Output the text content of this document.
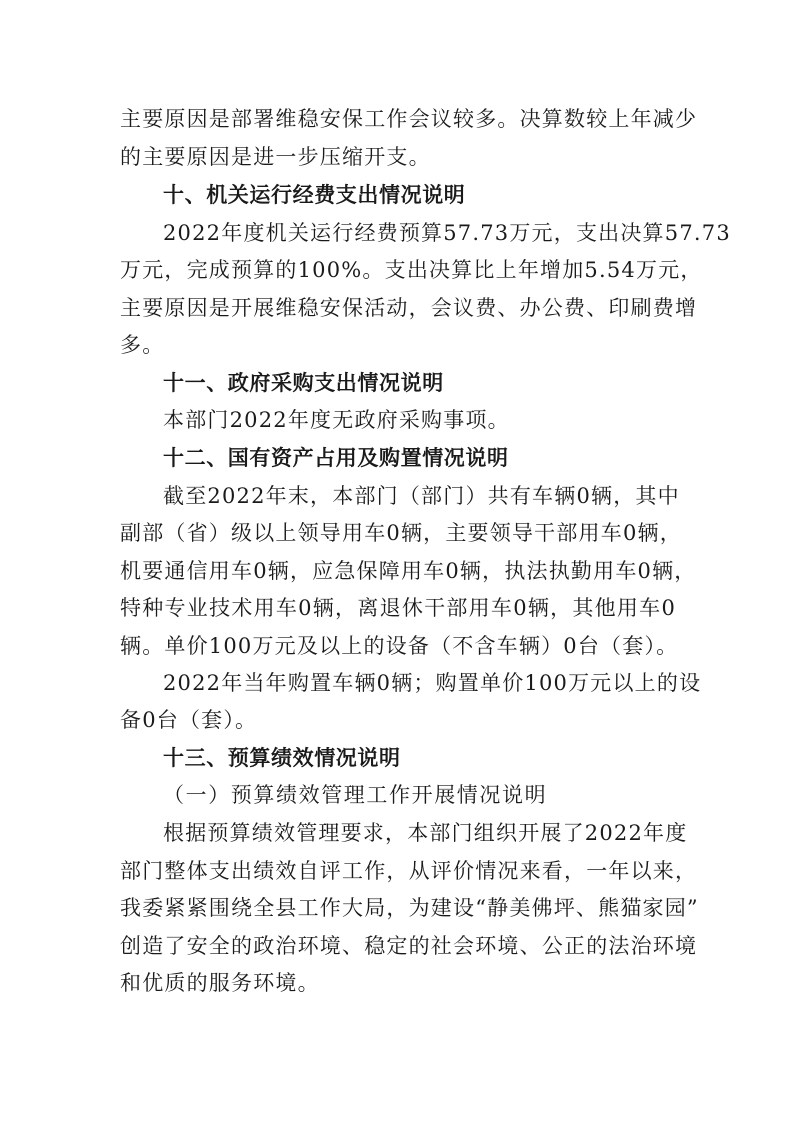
主要原因是部署维稳安保工作会议较多。决算数较上年减少
的主要原因是进一步压缩开支。
十、机关运行经费支出情况说明
2022年度机关运行经费预算57.73万元，支出决算57.73
万元，完成预算的100%。支出决算比上年增加5.54万元，
主要原因是开展维稳安保活动，会议费、办公费、印刷费增
多。
十一、政府采购支出情况说明
本部门2022年度无政府采购事项。
十二、国有资产占用及购置情况说明
截至2022年末，本部门（部门）共有车辆0辆，其中
副部（省）级以上领导用车0辆，主要领导干部用车0辆，
机要通信用车0辆，应急保障用车0辆，执法执勤用车0辆，
特种专业技术用车0辆，离退休干部用车0辆，其他用车0
辆。单价100万元及以上的设备（不含车辆）0台（套）。
2022年当年购置车辆0辆；购置单价100万元以上的设
备0台（套）。
十三、预算绩效情况说明
（一）预算绩效管理工作开展情况说明
根据预算绩效管理要求，本部门组织开展了2022年度
部门整体支出绩效自评工作，从评价情况来看，一年以来，
我委紧紧围绕全县工作大局，为建设“静美佛坪、熊猫家园”
创造了安全的政治环境、稳定的社会环境、公正的法治环境
和优质的服务环境。
